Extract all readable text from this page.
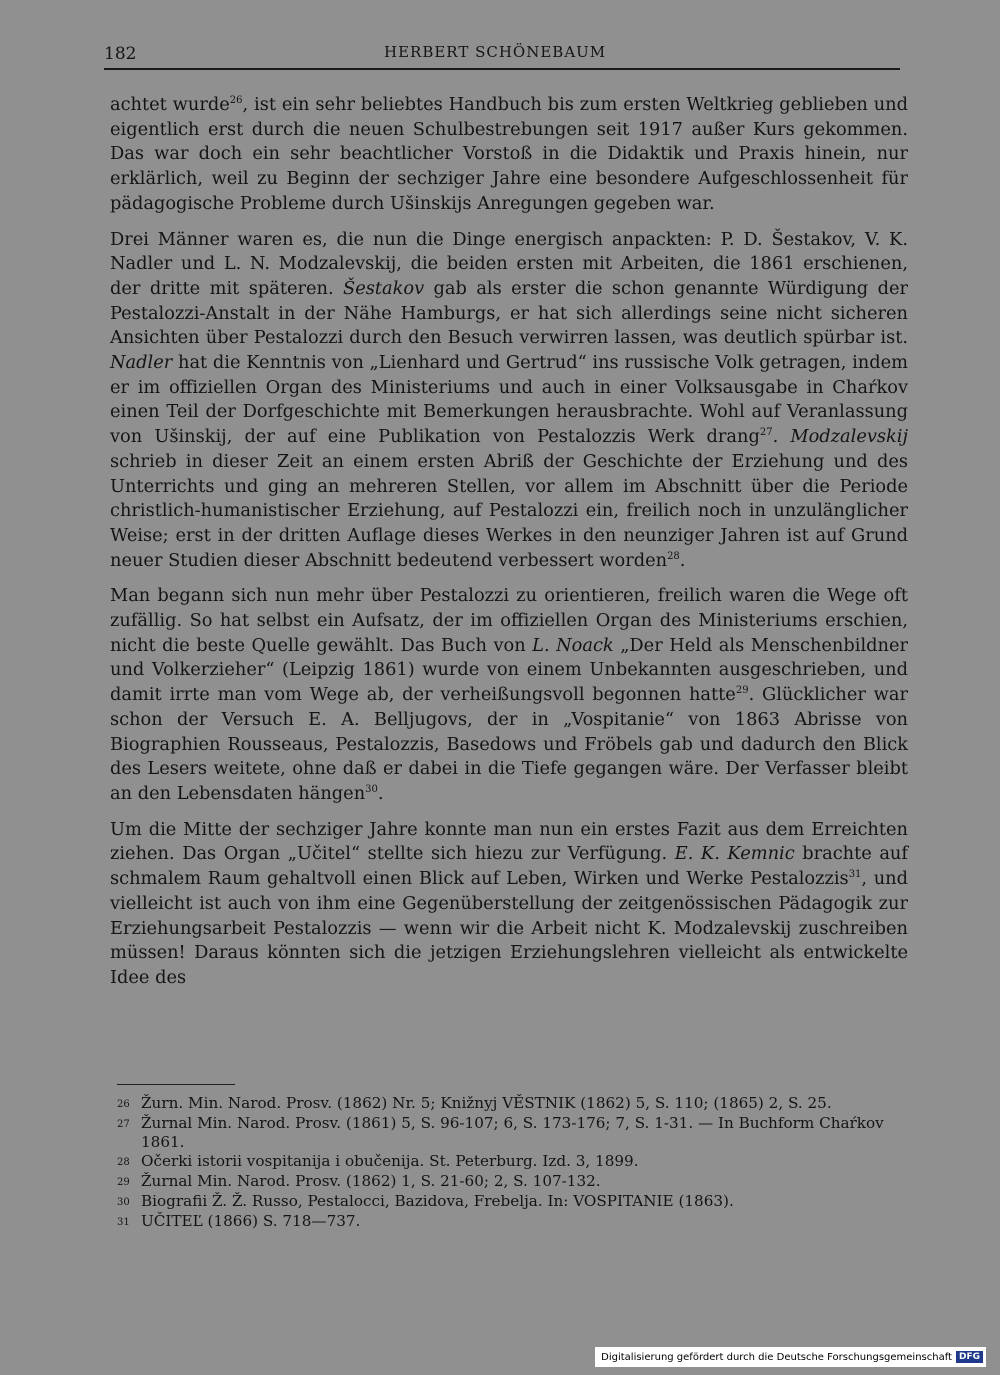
182	HERBERT SCHÖNEBAUM

achtet wurde$^{26}$, ist ein sehr beliebtes Handbuch bis zum ersten Weltkrieg geblieben und eigentlich erst durch die neuen Schulbestrebungen seit 1917 außer Kurs gekommen. Das war doch ein sehr beachtlicher Vorstoß in die Didaktik und Praxis hinein, nur erklärlich, weil zu Beginn der sechziger Jahre eine besondere Aufgeschlossenheit für pädagogische Probleme durch Ušinskijs Anregungen gegeben war.

Drei Männer waren es, die nun die Dinge energisch anpackten: P. D. Šestakov, V. K. Nadler und L. N. Modzalevskij, die beiden ersten mit Arbeiten, die 1861 erschienen, der dritte mit späteren. Šestakov gab als erster die schon genannte Würdigung der Pestalozzi-Anstalt in der Nähe Hamburgs, er hat sich allerdings seine nicht sicheren Ansichten über Pestalozzi durch den Besuch verwirren lassen, was deutlich spürbar ist. Nadler hat die Kenntnis von „Lienhard und Gertrud“ ins russische Volk getragen, indem er im offiziellen Organ des Ministeriums und auch in einer Volksausgabe in Chaŕkov einen Teil der Dorfgeschichte mit Bemerkungen herausbrachte. Wohl auf Veranlassung von Ušinskij, der auf eine Publikation von Pestalozzis Werk drang$^{27}$. Modzalevskij schrieb in dieser Zeit an einem ersten Abriß der Geschichte der Erziehung und des Unterrichts und ging an mehreren Stellen, vor allem im Abschnitt über die Periode christlich-humanistischer Erziehung, auf Pestalozzi ein, freilich noch in unzulänglicher Weise; erst in der dritten Auflage dieses Werkes in den neunziger Jahren ist auf Grund neuer Studien dieser Abschnitt bedeutend verbessert worden$^{28}$.

Man begann sich nun mehr über Pestalozzi zu orientieren, freilich waren die Wege oft zufällig. So hat selbst ein Aufsatz, der im offiziellen Organ des Ministeriums erschien, nicht die beste Quelle gewählt. Das Buch von L. Noack „Der Held als Menschenbildner und Volkerzieher“ (Leipzig 1861) wurde von einem Unbekannten ausgeschrieben, und damit irrte man vom Wege ab, der verheißungsvoll begonnen hatte$^{29}$. Glücklicher war schon der Versuch E. A. Belljugovs, der in „Vospitanie“ von 1863 Abrisse von Biographien Rousseaus, Pestalozzis, Basedows und Fröbels gab und dadurch den Blick des Lesers weitete, ohne daß er dabei in die Tiefe gegangen wäre. Der Verfasser bleibt an den Lebensdaten hängen$^{30}$.

Um die Mitte der sechziger Jahre konnte man nun ein erstes Fazit aus dem Erreichten ziehen. Das Organ „Učitel“ stellte sich hiezu zur Verfügung. E. K. Kemnic brachte auf schmalem Raum gehaltvoll einen Blick auf Leben, Wirken und Werke Pestalozzis$^{31}$, und vielleicht ist auch von ihm eine Gegenüberstellung der zeitgenössischen Pädagogik zur Erziehungsarbeit Pestalozzis — wenn wir die Arbeit nicht K. Modzalevskij zuschreiben müssen! Daraus könnten sich die jetzigen Erziehungslehren vielleicht als entwickelte Idee des

26 Žurn. Min. Narod. Prosv. (1862) Nr. 5; Knižnyj VĚSTNIK (1862) 5, S. 110; (1865) 2, S. 25.
27 Žurnal Min. Narod. Prosv. (1861) 5, S. 96-107; 6, S. 173-176; 7, S. 1-31. — In Buchform Chaŕkov 1861.
28 Očerki istorii vospitanija i obučenija. St. Peterburg. Izd. 3, 1899.
29 Žurnal Min. Narod. Prosv. (1862) 1, S. 21-60; 2, S. 107-132.
30 Biografii Ž. Ž. Russo, Pestalocci, Bazidova, Frebelja. In: VOSPITANIE (1863).
31 UČITEĽ (1866) S. 718—737.
Digitalisierung gefördert durch die Deutsche Forschungsgemeinschaft DFG
